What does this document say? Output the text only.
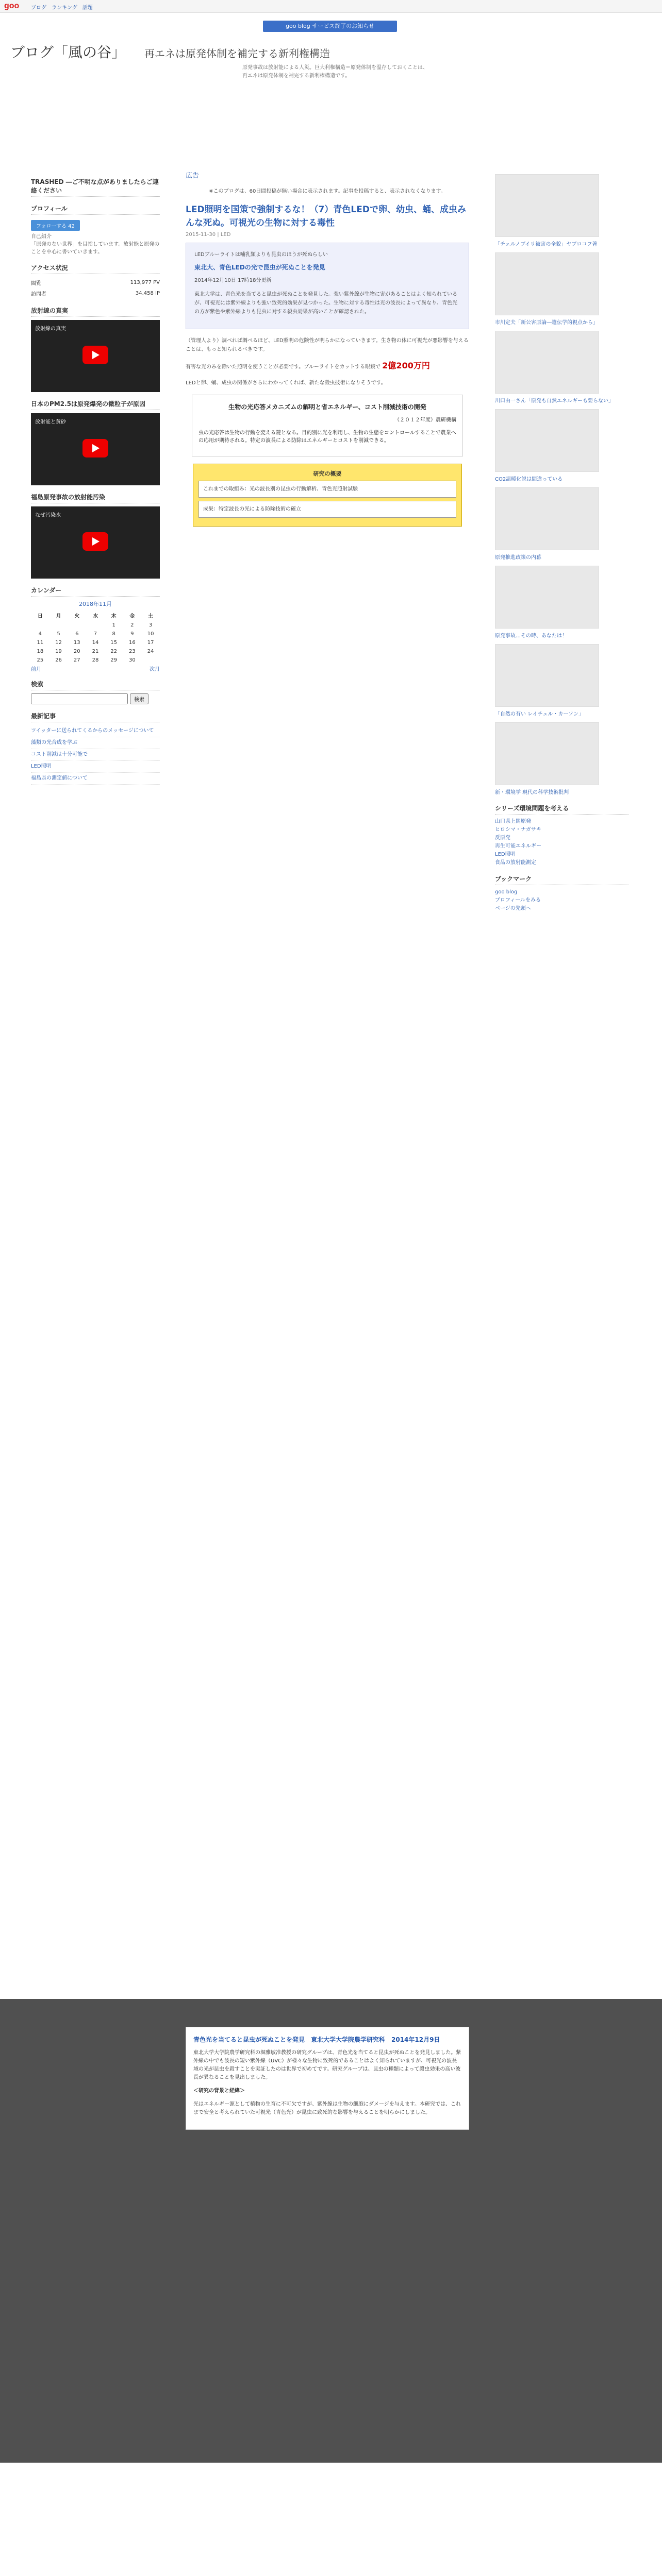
goo ブログ ランキング 話題
goo blog サービス終了のお知らせ
ブログ「風の谷」 再エネは原発体制を補完する新利権構造
原発事故は放射能による人災。巨大利権構造＝原発体制を温存しておくことは、再エネは原発体制を補完する新利権構造です。
TRASHED ―ご不明な点がありましたらご連絡ください
プロフィール
フォローする 42
自己紹介
「原発のない世界」を目指しています。放射能と原発のことを中心に書いていきます。
アクセス状況
閲覧	113,977 PV
訪問者	34,458 IP
放射線の真実
放射線の真実
日本のPM2.5は原発爆発の微粒子が原因
放射能と黄砂
福島原発事故の放射能汚染
なぜ汚染水
カレンダー
2018年11月
日	月	火	水	木	金	土
				1	2	3
4	5	6	7	8	9	10
11	12	13	14	15	16	17
18	19	20	21	22	23	24
25	26	27	28	29	30	
前月	次月
検索
検索
最新記事
ツイッターに送られてくるからのメッセージについて
藻類の光合成を学ぶ
コスト削減は十分可能で
LED照明
福島県の測定値について
広告
※このブログは、60日間投稿が無い場合に表示されます。記事を投稿すると、表示されなくなります。
LED照明を国策で強制するな！（7）青色LEDで卵、幼虫、蛹、成虫みんな死ぬ。可視光の生物に対する毒性
2015-11-30 | LED
LEDブルーライトは哺乳類よりも昆虫のほうが死ぬらしい
東北大、青色LEDの光で昆虫が死ぬことを発見
2014年12月10日 17時18分更新

東北大学は、青色光を当てると昆虫が死ぬことを発見した。強い紫外線が生物に害があることはよく知られているが、可視光には紫外線よりも強い致死的効果が見つかった。生物に対する毒性は光の波長によって異なり、青色光の方が紫色や紫外線よりも昆虫に対する殺虫効果が高いことが確認された。

（管理人より）調べれば調べるほど、LED照明の危険性が明らかになっていきます。生き物の体に可視光が悪影響を与えることは、もっと知られるべきです。
有害な光のみを除いた照明を使うことが必要です。ブルーライトをカットする眼鏡で 2億200万円
LEDと卵、蛹、成虫の関係がさらにわかってくれば、新たな殺虫技術になりそうです。
生物の光応答メカニズムの解明と省エネルギー、コスト削減技術の開発
（２０１２年度）農研機構

虫の光応答は生物の行動を変える鍵となる。目的別に光を利用し、生物の生態をコントロールすることで農業への応用が期待される。特定の波長による防除はエネルギーとコストを削減できる。

研究の概要
これまでの取組み：光の波長別の昆虫の行動解析、青色光照射試験
成果：特定波長の光による防除技術の確立
青色光を当てると昆虫が死ぬことを発見　東北大学大学院農学研究科　2014年12月9日

東北大学大学院農学研究科の堀雅敏准教授の研究グループは、青色光を当てると昆虫が死ぬことを発見しました。紫外線の中でも波長の短い紫外線（UVC）が様々な生物に致死的であることはよく知られていますが、可視光の波長域の光が昆虫を殺すことを実証したのは世界で初めてです。研究グループは、昆虫の種類によって殺虫効果の高い波長が異なることを見出しました。

＜研究の背景と経緯＞

光はエネルギー源として植物の生育に不可欠ですが、紫外線は生物の細胞にダメージを与えます。本研究では、これまで安全と考えられていた可視光（青色光）が昆虫に致死的な影響を与えることを明らかにしました。

「チェルノブイリ被害の全貌」ヤブロコフ著
市川定夫「新公害原論―遺伝学的視点から」
川口由一さん「原発も自然エネルギーも要らない」
CO2温暖化説は間違っている
原発推進政策の内幕
原発事故…その時、あなたは！
「自然の有い レイチェル・カーソン」
新・環境学 現代の科学技術批判
シリーズ環境問題を考える
山口県上関原発
ヒロシマ・ナガサキ
反原発
再生可能エネルギー
LED照明
食品の放射能測定
ブックマーク
goo blog
プロフィールをみる
ページの先頭へ
